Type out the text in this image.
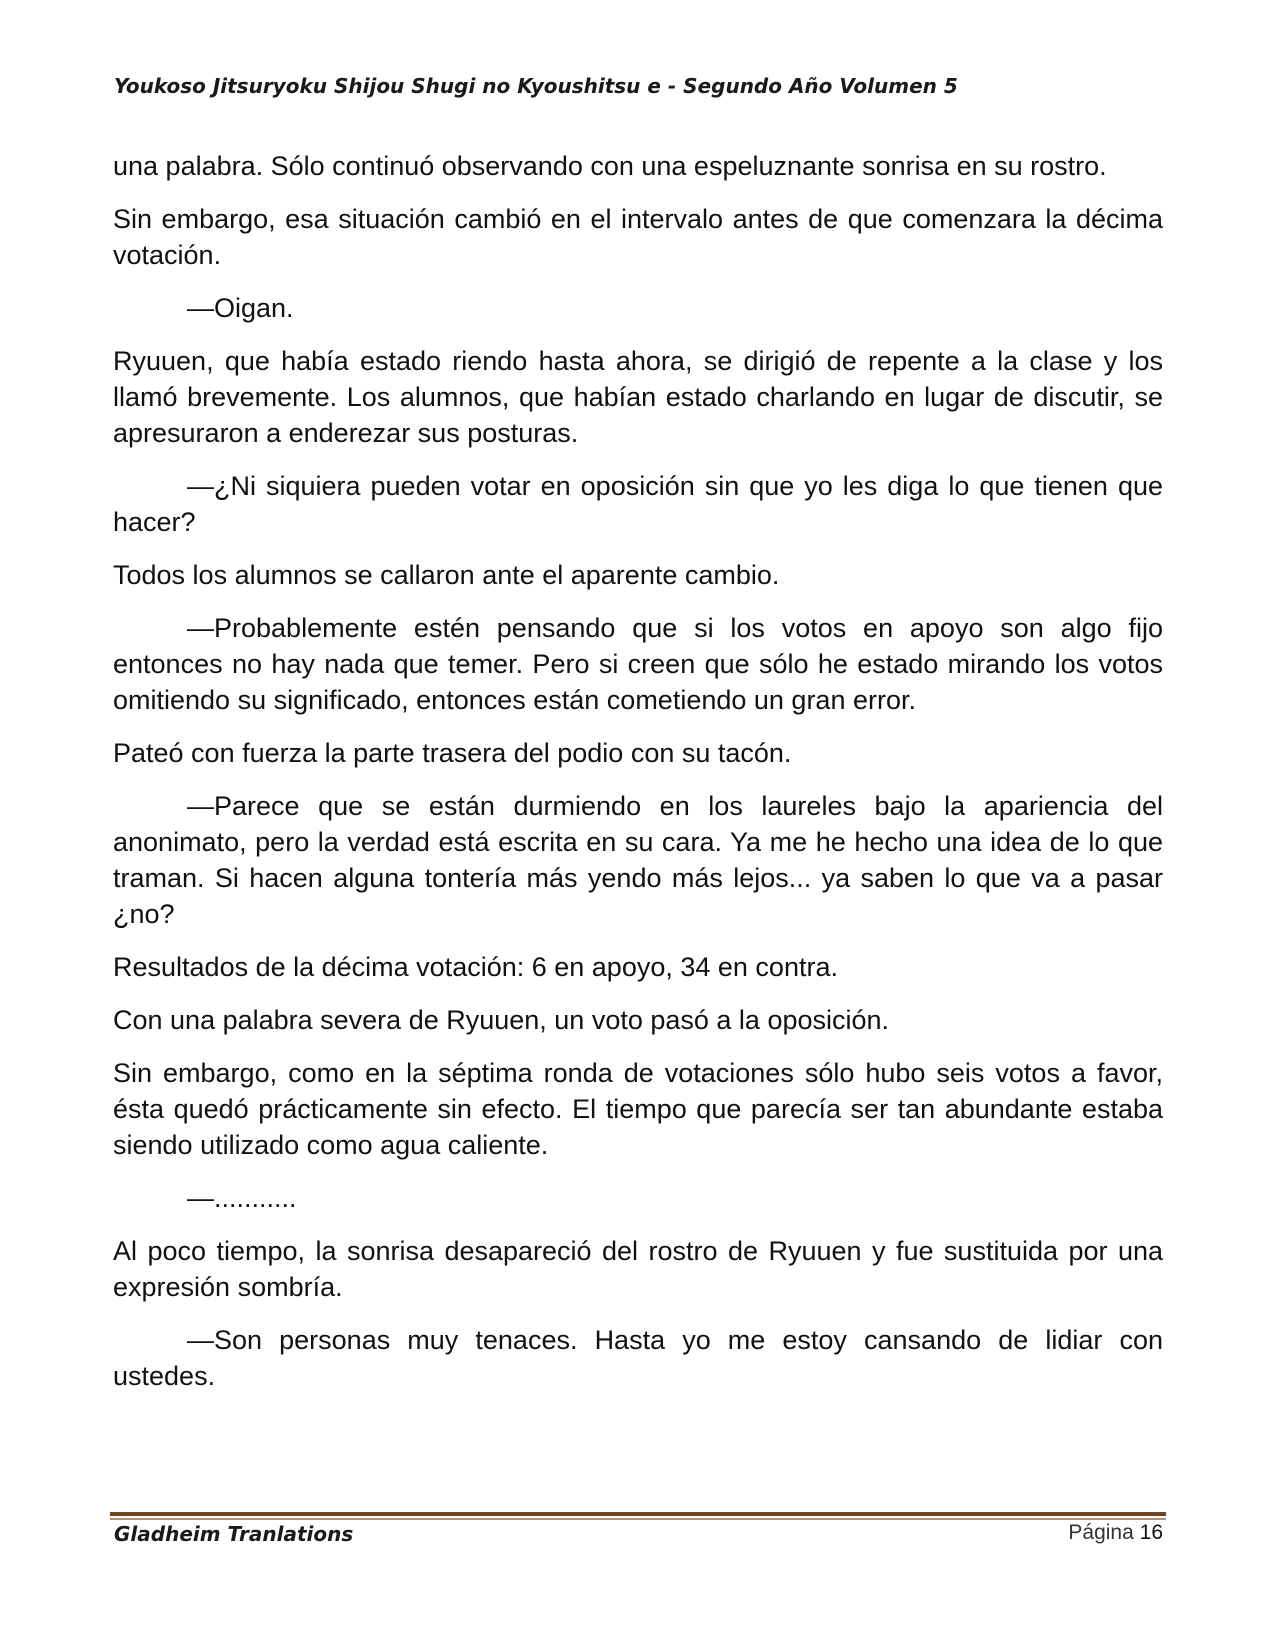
Youkoso Jitsuryoku Shijou Shugi no Kyoushitsu e - Segundo Año Volumen 5

una palabra. Sólo continuó observando con una espeluznante sonrisa en su rostro.

Sin embargo, esa situación cambió en el intervalo antes de que comenzara la décima votación.

—Oigan.

Ryuuen, que había estado riendo hasta ahora, se dirigió de repente a la clase y los llamó brevemente. Los alumnos, que habían estado charlando en lugar de discutir, se apresuraron a enderezar sus posturas.

—¿Ni siquiera pueden votar en oposición sin que yo les diga lo que tienen que hacer?

Todos los alumnos se callaron ante el aparente cambio.

—Probablemente estén pensando que si los votos en apoyo son algo fijo entonces no hay nada que temer. Pero si creen que sólo he estado mirando los votos omitiendo su significado, entonces están cometiendo un gran error.

Pateó con fuerza la parte trasera del podio con su tacón.

—Parece que se están durmiendo en los laureles bajo la apariencia del anonimato, pero la verdad está escrita en su cara. Ya me he hecho una idea de lo que traman. Si hacen alguna tontería más yendo más lejos... ya saben lo que va a pasar ¿no?

Resultados de la décima votación: 6 en apoyo, 34 en contra.

Con una palabra severa de Ryuuen, un voto pasó a la oposición.

Sin embargo, como en la séptima ronda de votaciones sólo hubo seis votos a favor, ésta quedó prácticamente sin efecto. El tiempo que parecía ser tan abundante estaba siendo utilizado como agua caliente.

—...........

Al poco tiempo, la sonrisa desapareció del rostro de Ryuuen y fue sustituida por una expresión sombría.

—Son personas muy tenaces. Hasta yo me estoy cansando de lidiar con ustedes.

Gladheim Tranlations	Página 16
